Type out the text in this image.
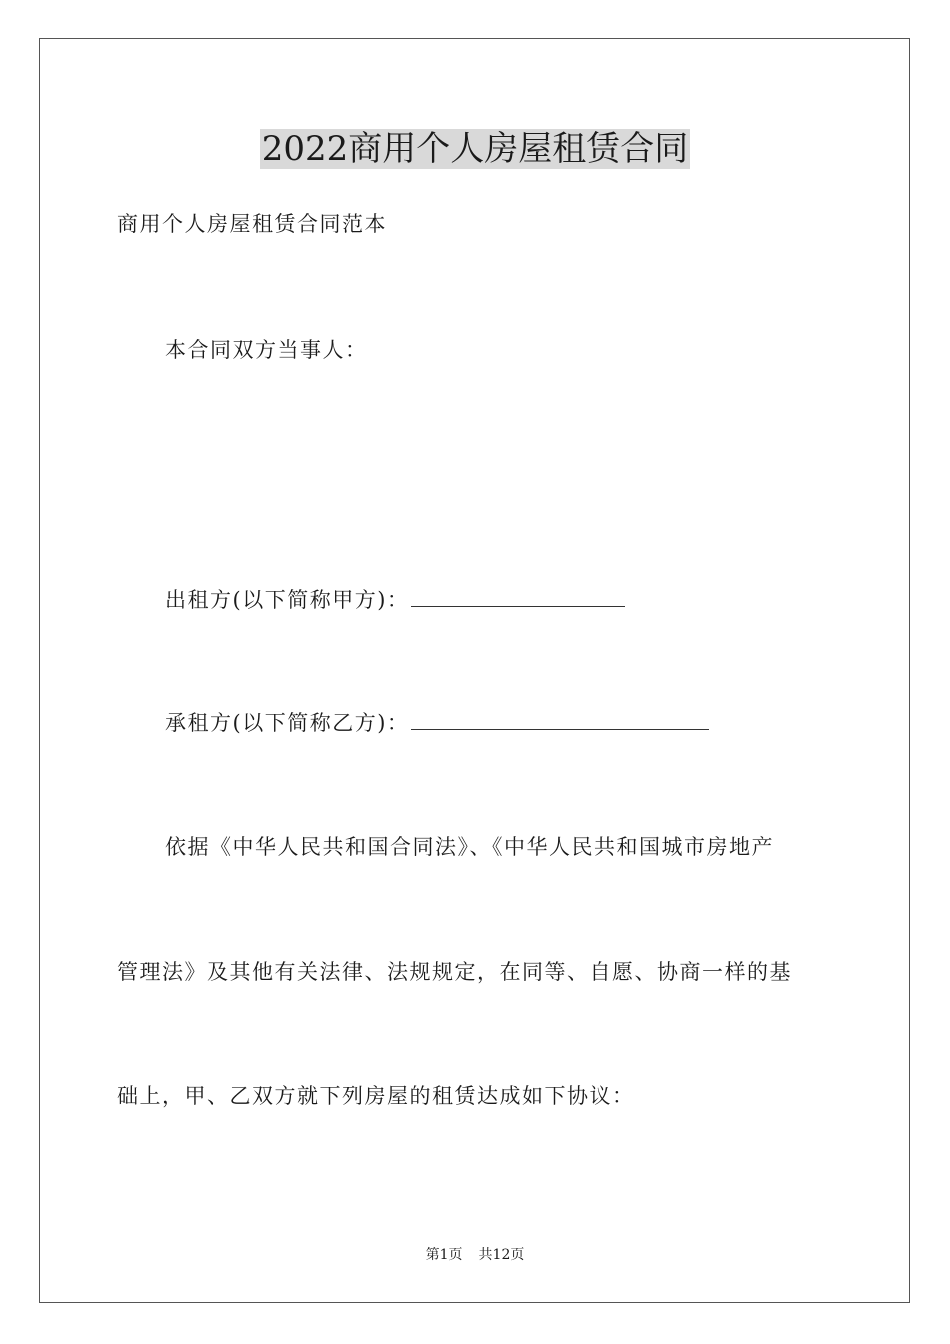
2022商用个人房屋租赁合同
商用个人房屋租赁合同范本
本合同双方当事人：
出租方(以下简称甲方)：
承租方(以下简称乙方)：
依据《中华人民共和国合同法》、《中华人民共和国城市房地产
管理法》及其他有关法律、法规规定，在同等、自愿、协商一样的基
础上，甲、乙双方就下列房屋的租赁达成如下协议：
第1页 共12页
